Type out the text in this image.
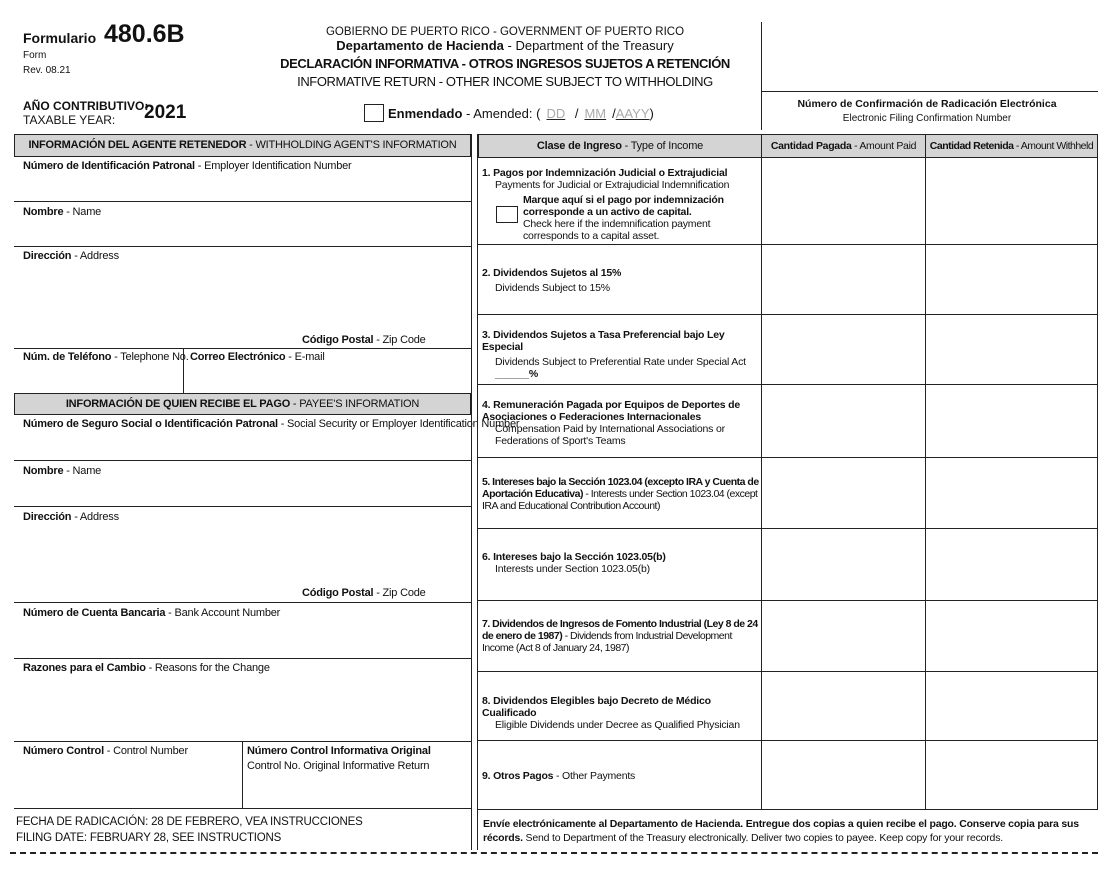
Formulario 480.6B
Form
Rev. 08.21
GOBIERNO DE PUERTO RICO - GOVERNMENT OF PUERTO RICO
Departamento de Hacienda - Department of the Treasury
DECLARACIÓN INFORMATIVA - OTROS INGRESOS SUJETOS A RETENCIÓN
INFORMATIVE RETURN - OTHER INCOME SUBJECT TO WITHHOLDING
AÑO CONTRIBUTIVO:
TAXABLE YEAR: 2021	Enmendado - Amended: ( DD / MM /AAYY)
Número de Confirmación de Radicación Electrónica
Electronic Filing Confirmation Number
INFORMACIÓN DEL AGENTE RETENEDOR - WITHHOLDING AGENT'S INFORMATION
Número de Identificación Patronal - Employer Identification Number
Nombre - Name
Dirección - Address
Código Postal - Zip Code
Núm. de Teléfono - Telephone No. Correo Electrónico - E-mail
INFORMACIÓN DE QUIEN RECIBE EL PAGO - PAYEE'S INFORMATION
Número de Seguro Social o Identificación Patronal - Social Security or Employer Identification Number
Nombre - Name
Dirección - Address
Código Postal - Zip Code
Número de Cuenta Bancaria - Bank Account Number
Razones para el Cambio - Reasons for the Change
Número Control - Control Number	Número Control Informativa Original
Control No. Original Informative Return
FECHA DE RADICACIÓN: 28 DE FEBRERO, VEA INSTRUCCIONES
FILING DATE: FEBRUARY 28, SEE INSTRUCTIONS
Clase de Ingreso - Type of Income	Cantidad Pagada - Amount Paid	Cantidad Retenida - Amount Withheld
1. Pagos por Indemnización Judicial o Extrajudicial
Payments for Judicial or Extrajudicial Indemnification
Marque aquí si el pago por indemnización corresponde a un activo de capital.
Check here if the indemnification payment corresponds to a capital asset.
2. Dividendos Sujetos al 15%
Dividends Subject to 15%
3. Dividendos Sujetos a Tasa Preferencial bajo Ley Especial
Dividends Subject to Preferential Rate under Special Act
______%
4. Remuneración Pagada por Equipos de Deportes de Asociaciones o Federaciones Internacionales
Compensation Paid by International Associations or Federations of Sport's Teams
5. Intereses bajo la Sección 1023.04 (excepto IRA y Cuenta de Aportación Educativa) - Interests under Section 1023.04 (except IRA and Educational Contribution Account)
6. Intereses bajo la Sección 1023.05(b)
Interests under Section 1023.05(b)
7. Dividendos de Ingresos de Fomento Industrial (Ley 8 de 24 de enero de 1987) - Dividends from Industrial Development Income (Act 8 of January 24, 1987)
8. Dividendos Elegibles bajo Decreto de Médico Cualificado
Eligible Dividends under Decree as Qualified Physician
9. Otros Pagos - Other Payments
Envíe electrónicamente al Departamento de Hacienda. Entregue dos copias a quien recibe el pago. Conserve copia para sus récords. Send to Department of the Treasury electronically. Deliver two copies to payee. Keep copy for your records.
